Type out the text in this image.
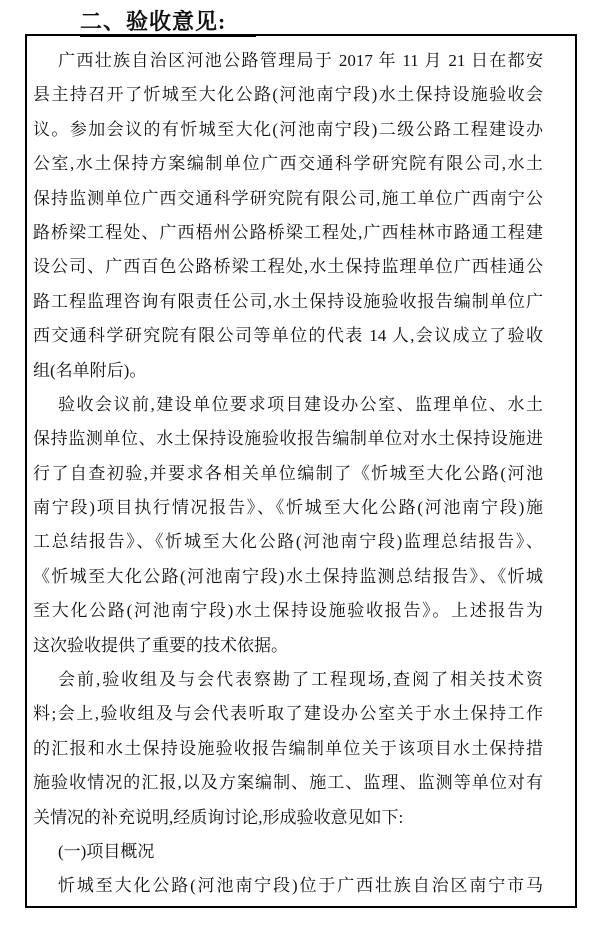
二、验收意见:
广西壮族自治区河池公路管理局于 2017 年 11 月 21 日在都安
县主持召开了忻城至大化公路(河池南宁段)水土保持设施验收会
议。参加会议的有忻城至大化(河池南宁段)二级公路工程建设办
公室,水土保持方案编制单位广西交通科学研究院有限公司,水土
保持监测单位广西交通科学研究院有限公司,施工单位广西南宁公
路桥梁工程处、广西梧州公路桥梁工程处,广西桂林市路通工程建
设公司、广西百色公路桥梁工程处,水土保持监理单位广西桂通公
路工程监理咨询有限责任公司,水土保持设施验收报告编制单位广
西交通科学研究院有限公司等单位的代表 14 人,会议成立了验收
组(名单附后)。
验收会议前,建设单位要求项目建设办公室、监理单位、水土
保持监测单位、水土保持设施验收报告编制单位对水土保持设施进
行了自查初验,并要求各相关单位编制了《忻城至大化公路(河池
南宁段)项目执行情况报告》、《忻城至大化公路(河池南宁段)施
工总结报告》、《忻城至大化公路(河池南宁段)监理总结报告》、
《忻城至大化公路(河池南宁段)水土保持监测总结报告》、《忻城
至大化公路(河池南宁段)水土保持设施验收报告》。上述报告为
这次验收提供了重要的技术依据。
会前,验收组及与会代表察勘了工程现场,查阅了相关技术资
料;会上,验收组及与会代表听取了建设办公室关于水土保持工作
的汇报和水土保持设施验收报告编制单位关于该项目水土保持措
施验收情况的汇报,以及方案编制、施工、监理、监测等单位对有
关情况的补充说明,经质询讨论,形成验收意见如下:
(一)项目概况
忻城至大化公路(河池南宁段)位于广西壮族自治区南宁市马
